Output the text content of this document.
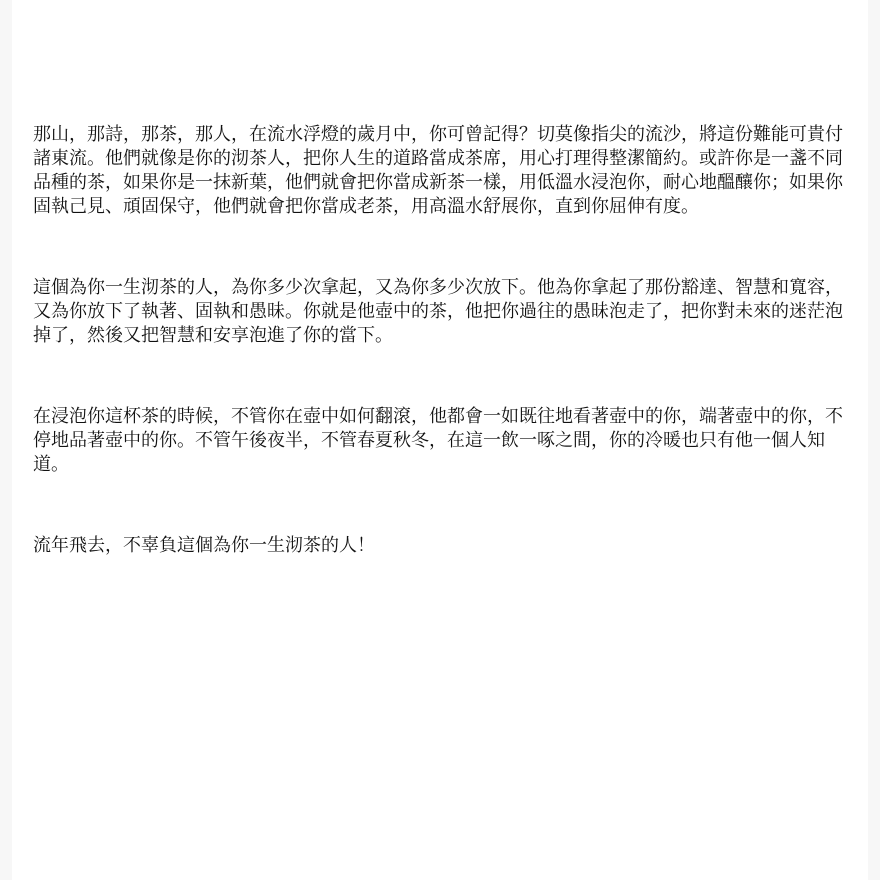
那山，那詩，那茶，那人，在流水浮燈的歲月中，你可曾記得？切莫像指尖的流沙，將這份難能可貴付諸東流。他們就像是你的沏茶人，把你人生的道路當成茶席，用心打理得整潔簡約。或許你是一盞不同品種的茶，如果你是一抹新葉，他們就會把你當成新茶一樣，用低溫水浸泡你，耐心地醞釀你；如果你固執己見、頑固保守，他們就會把你當成老茶，用高溫水舒展你，直到你屈伸有度。

這個為你一生沏茶的人，為你多少次拿起，又為你多少次放下。他為你拿起了那份豁達、智慧和寬容，又為你放下了執著、固執和愚昧。你就是他壺中的茶，他把你過往的愚昧泡走了，把你對未來的迷茫泡掉了，然後又把智慧和安享泡進了你的當下。

在浸泡你這杯茶的時候，不管你在壺中如何翻滾，他都會一如既往地看著壺中的你，端著壺中的你，不停地品著壺中的你。不管午後夜半，不管春夏秋冬，在這一飲一啄之間，你的冷暖也只有他一個人知道。

流年飛去，不辜負這個為你一生沏茶的人！
